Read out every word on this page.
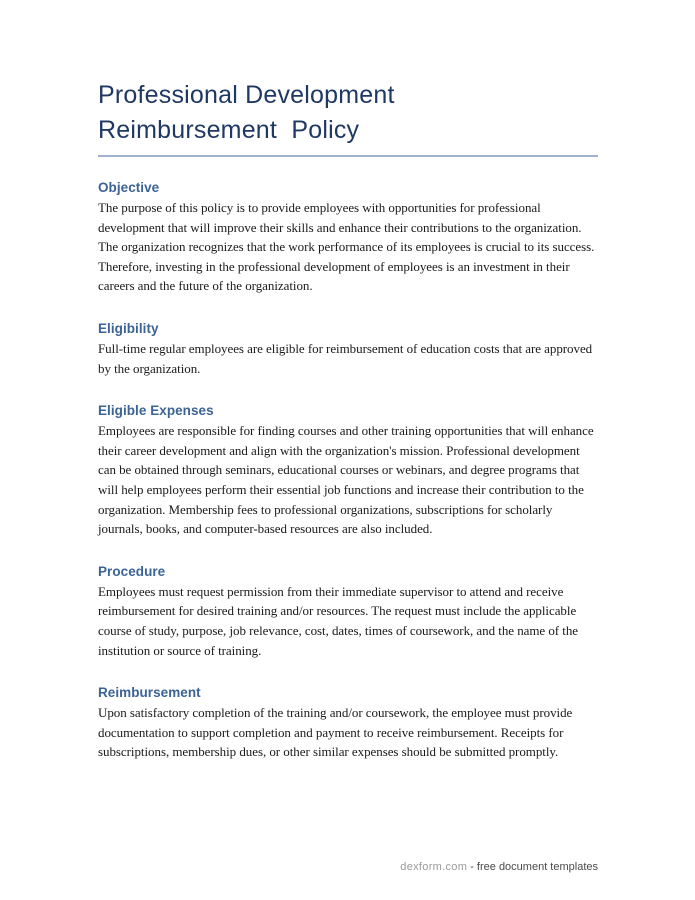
Professional Development
Reimbursement  Policy
Objective

The purpose of this policy is to provide employees with opportunities for professional development that will improve their skills and enhance their contributions to the organization. The organization recognizes that the work performance of its employees is crucial to its success. Therefore, investing in the professional development of employees is an investment in their careers and the future of the organization.

Eligibility

Full-time regular employees are eligible for reimbursement of education costs that are approved by the organization.

Eligible Expenses

Employees are responsible for finding courses and other training opportunities that will enhance their career development and align with the organization's mission. Professional development can be obtained through seminars, educational courses or webinars, and degree programs that will help employees perform their essential job functions and increase their contribution to the organization. Membership fees to professional organizations, subscriptions for scholarly journals, books, and computer-based resources are also included.

Procedure

Employees must request permission from their immediate supervisor to attend and receive reimbursement for desired training and/or resources. The request must include the applicable course of study, purpose, job relevance, cost, dates, times of coursework, and the name of the institution or source of training.

Reimbursement

Upon satisfactory completion of the training and/or coursework, the employee must provide documentation to support completion and payment to receive reimbursement. Receipts for subscriptions, membership dues, or other similar expenses should be submitted promptly.

dexform.com - free document templates
